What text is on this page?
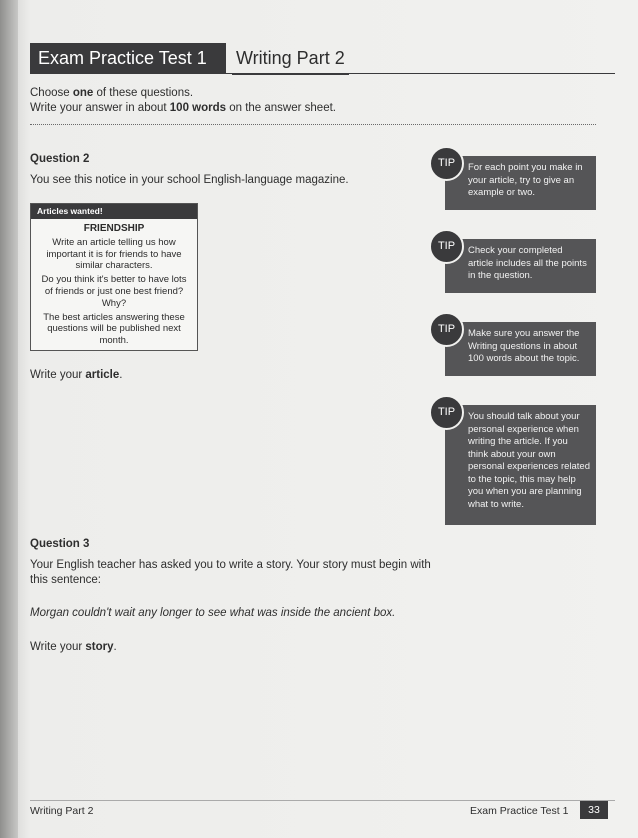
Exam Practice Test 1	Writing Part 2
Choose one of these questions.
Write your answer in about 100 words on the answer sheet.
Question 2
You see this notice in your school English-language magazine.
Articles wanted!
FRIENDSHIP

Write an article telling us how important it is for friends to have similar characters.

Do you think it's better to have lots of friends or just one best friend? Why?

The best articles answering these questions will be published next month.

Write your article.
Question 3
Your English teacher has asked you to write a story. Your story must begin with
this sentence:
Morgan couldn't wait any longer to see what was inside the ancient box.
Write your story.
For each point you make in your article, try to give an example or two.
TIP
Check your completed article includes all the points in the question.
TIP
Make sure you answer the Writing questions in about 100 words about the topic.
TIP
You should talk about your personal experience when writing the article. If you think about your own personal experiences related to the topic, this may help you when you are planning what to write.
TIP
Writing Part 2	Exam Practice Test 1	33
